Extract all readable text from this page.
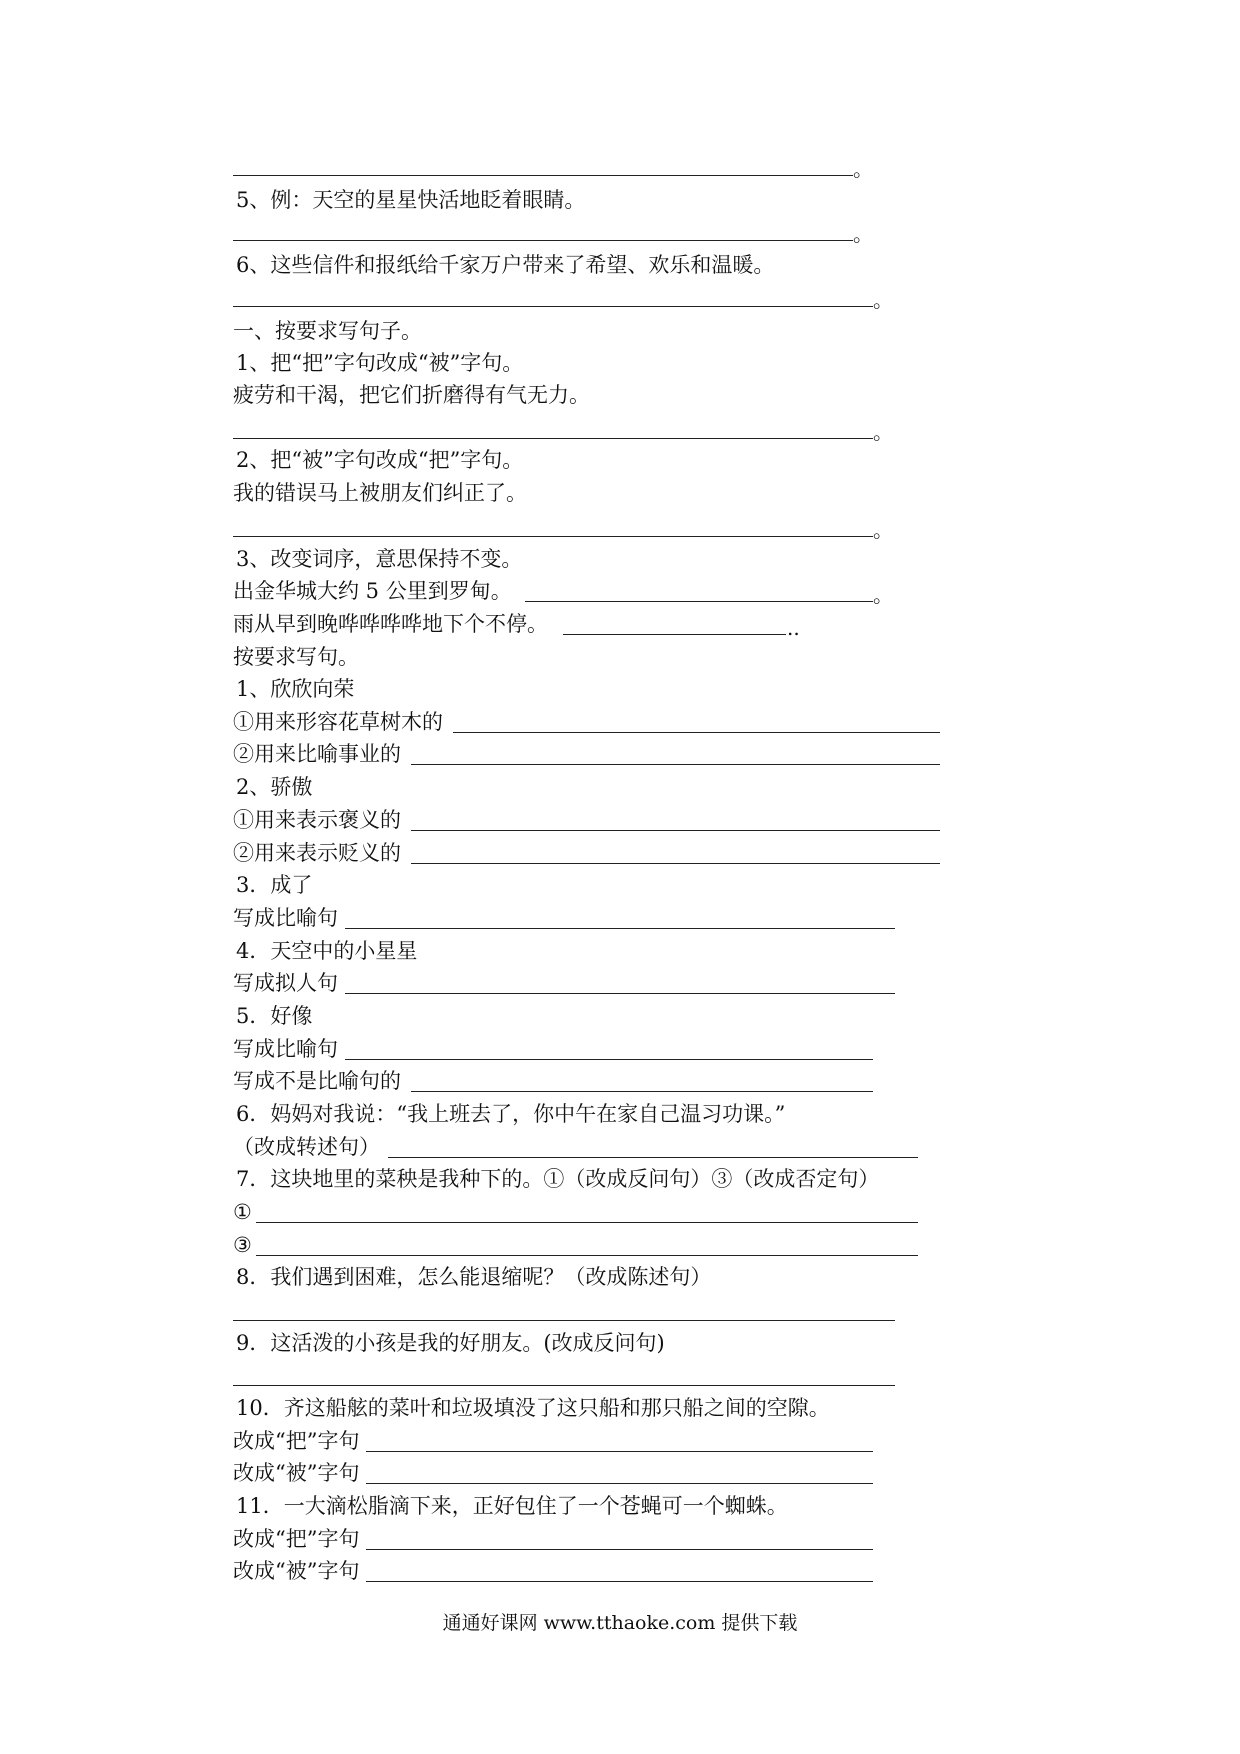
。
5、例：天空的星星快活地眨着眼睛。
。
6、这些信件和报纸给千家万户带来了希望、欢乐和温暖。
。
一、按要求写句子。
1、把“把”字句改成“被”字句。
疲劳和干渴，把它们折磨得有气无力。
。
2、把“被”字句改成“把”字句。
我的错误马上被朋友们纠正了。
。
3、改变词序，意思保持不变。
出金华城大约 5 公里到罗甸。	。
雨从早到晚哗哗哗哗地下个不停。	..
按要求写句。
1、欣欣向荣
①用来形容花草树木的
②用来比喻事业的
2、骄傲
①用来表示褒义的
②用来表示贬义的
3．成了
写成比喻句
4．天空中的小星星
写成拟人句
5．好像
写成比喻句
写成不是比喻句的
6．妈妈对我说：“我上班去了，你中午在家自己温习功课。”
（改成转述句）
7．这块地里的菜秧是我种下的。①（改成反问句）③（改成否定句）
①
③
8．我们遇到困难，怎么能退缩呢？（改成陈述句）
9．这活泼的小孩是我的好朋友。(改成反问句)
10．齐这船舷的菜叶和垃圾填没了这只船和那只船之间的空隙。
改成“把”字句
改成“被”字句
11．一大滴松脂滴下来，正好包住了一个苍蝇可一个蜘蛛。
改成“把”字句
改成“被”字句
通通好课网 www.tthaoke.com 提供下载
